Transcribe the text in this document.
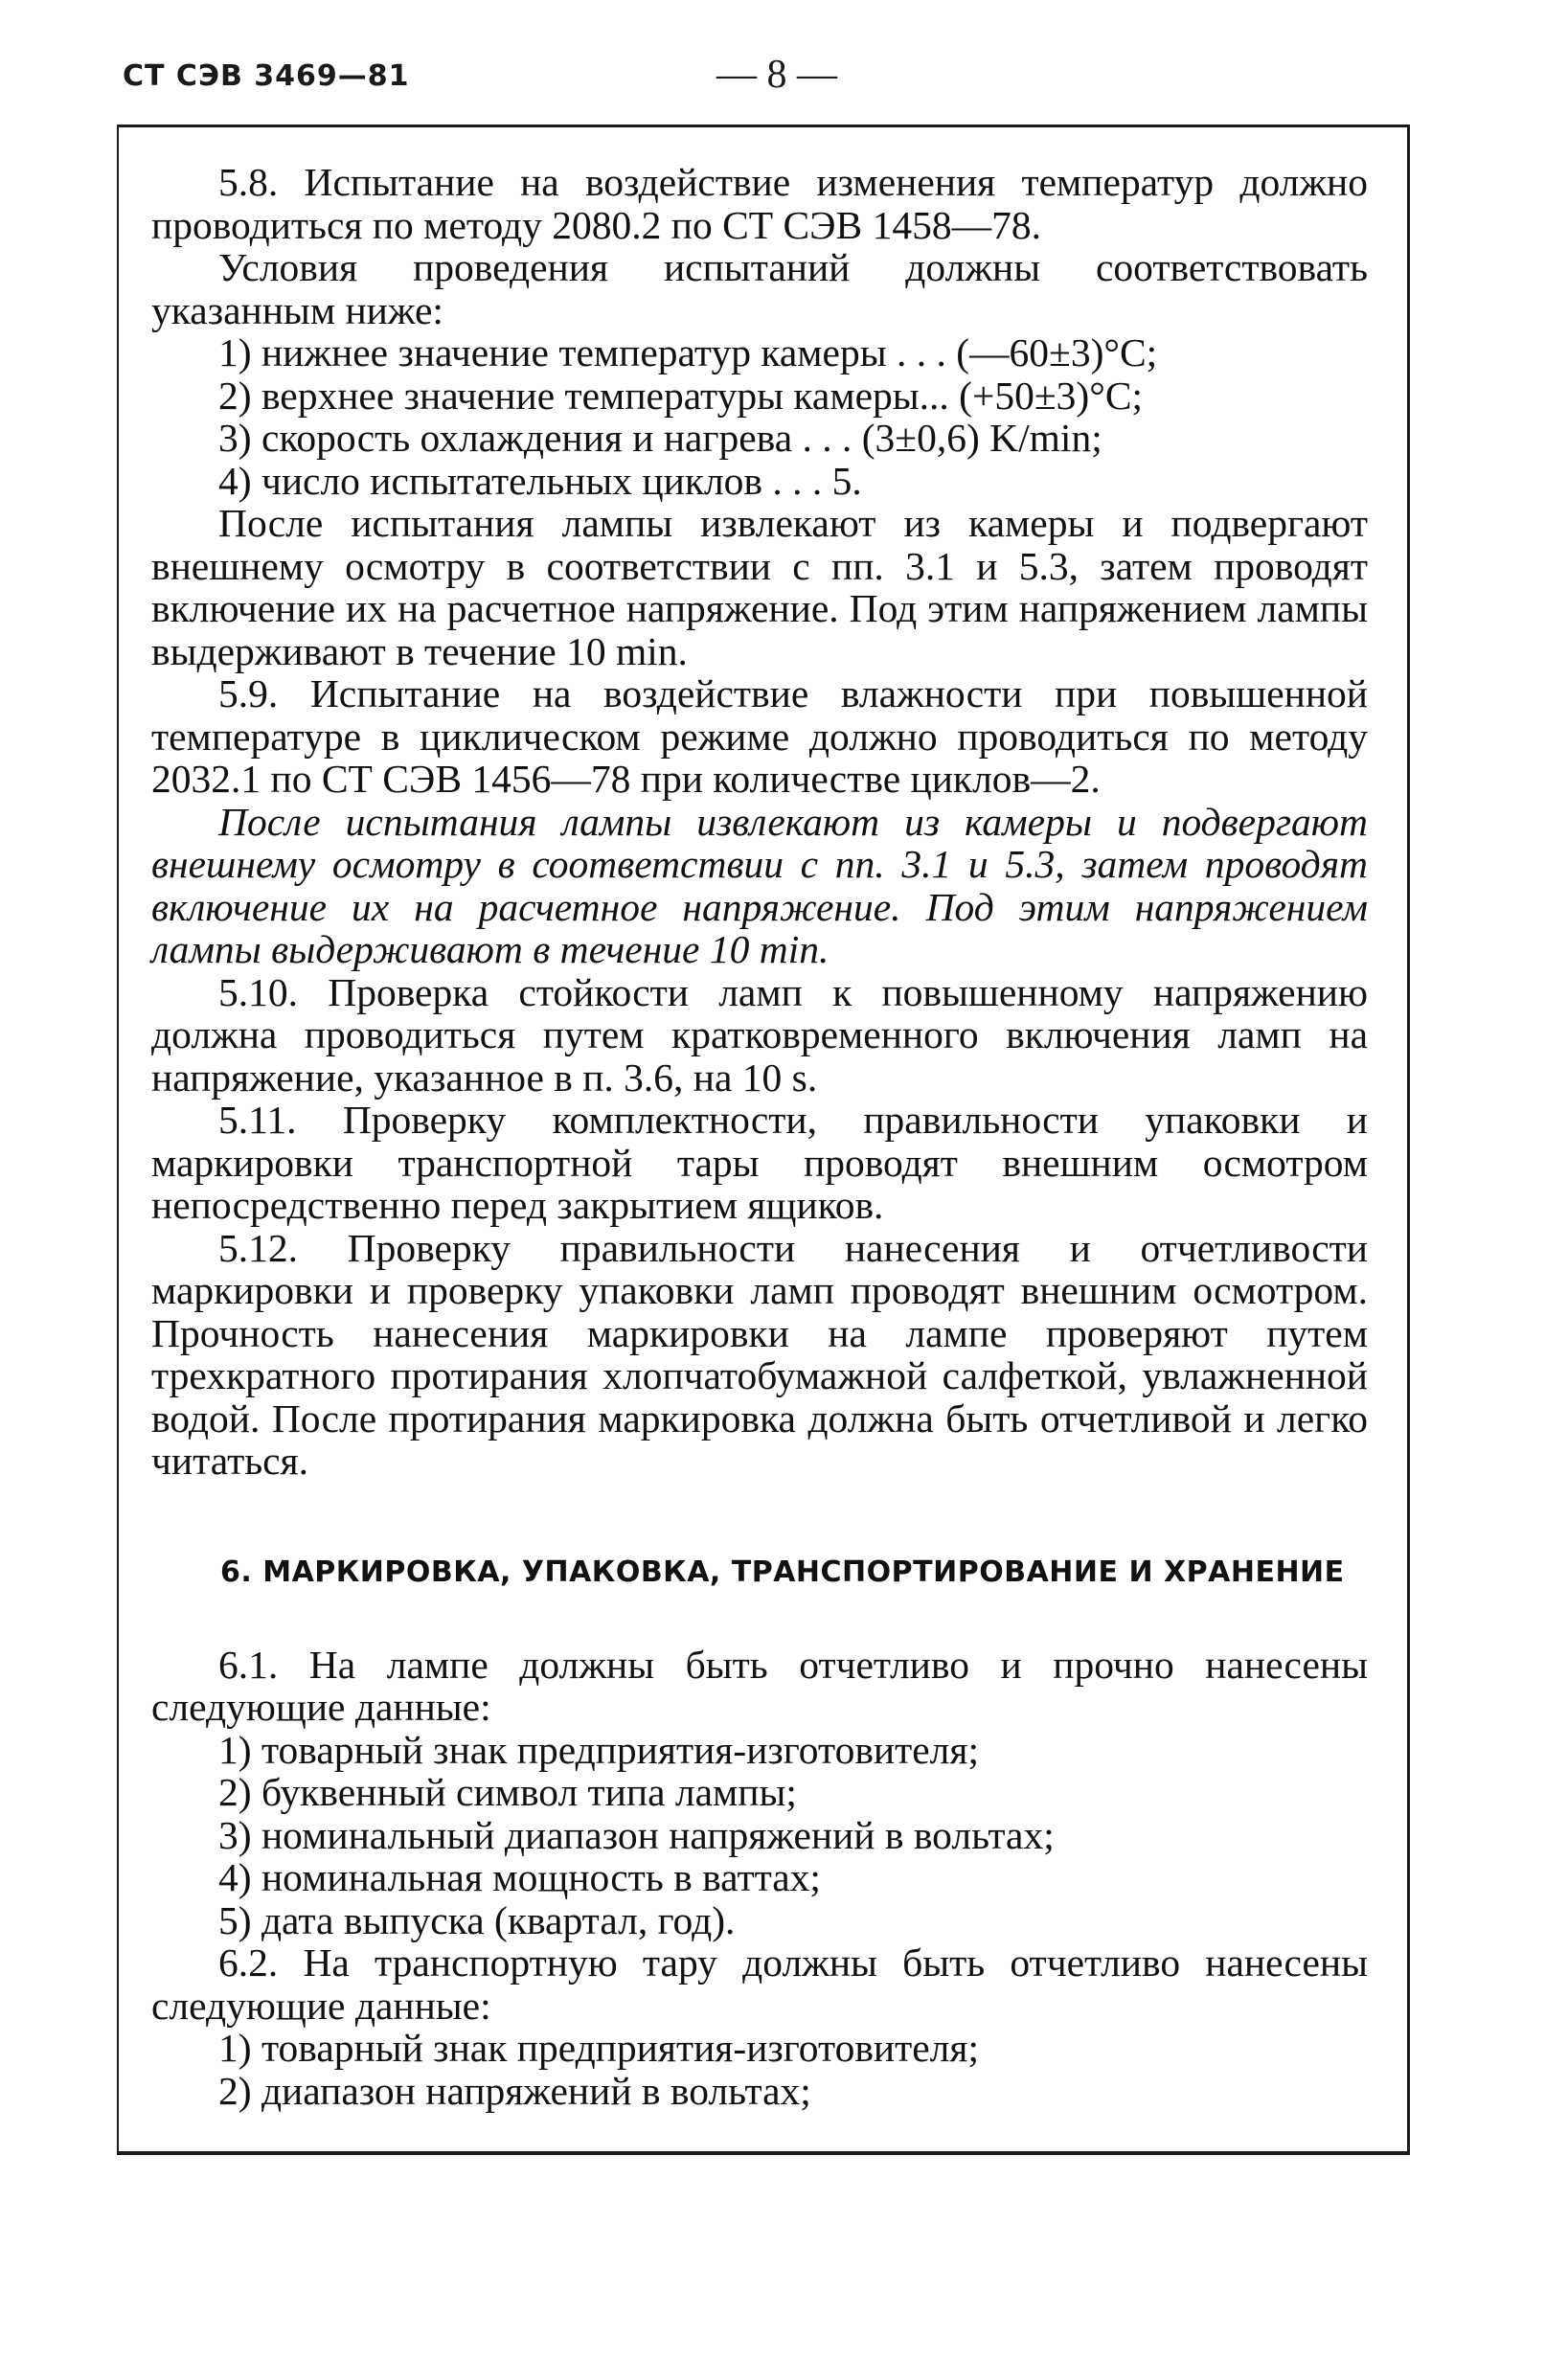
СТ СЭВ 3469—81	— 8 —

5.8. Испытание на воздействие изменения температур должно проводиться по методу 2080.2 по СТ СЭВ 1458—78.

Условия проведения испытаний должны соответствовать указанным ниже:

1) нижнее значение температур камеры . . . (—60±3)°С;

2) верхнее значение температуры камеры... (+50±3)°С;

3) скорость охлаждения и нагрева . . . (3±0,6) K/min;

4) число испытательных циклов . . . 5.

После испытания лампы извлекают из камеры и подвергают внешнему осмотру в соответствии с пп. 3.1 и 5.3, затем проводят включение их на расчетное напряжение. Под этим напряжением лампы выдерживают в течение 10 min.

5.9. Испытание на воздействие влажности при повышенной температуре в циклическом режиме должно проводиться по методу 2032.1 по СТ СЭВ 1456—78 при количестве циклов—2.

После испытания лампы извлекают из камеры и подвергают внешнему осмотру в соответствии с пп. 3.1 и 5.3, затем проводят включение их на расчетное напряжение. Под этим напряжением лампы выдерживают в течение 10 min.

5.10. Проверка стойкости ламп к повышенному напряжению должна проводиться путем кратковременного включения ламп на напряжение, указанное в п. 3.6, на 10 s.

5.11. Проверку комплектности, правильности упаковки и маркировки транспортной тары проводят внешним осмотром непосредственно перед закрытием ящиков.

5.12. Проверку правильности нанесения и отчетливости маркировки и проверку упаковки ламп проводят внешним осмотром. Прочность нанесения маркировки на лампе проверяют путем трехкратного протирания хлопчатобумажной салфеткой, увлажненной водой. После протирания маркировка должна быть отчетливой и легко читаться.

6. МАРКИРОВКА, УПАКОВКА, ТРАНСПОРТИРОВАНИЕ И ХРАНЕНИЕ

6.1. На лампе должны быть отчетливо и прочно нанесены следующие данные:

1) товарный знак предприятия-изготовителя;

2) буквенный символ типа лампы;

3) номинальный диапазон напряжений в вольтах;

4) номинальная мощность в ваттах;

5) дата выпуска (квартал, год).

6.2. На транспортную тару должны быть отчетливо нанесены следующие данные:

1) товарный знак предприятия-изготовителя;

2) диапазон напряжений в вольтах;
